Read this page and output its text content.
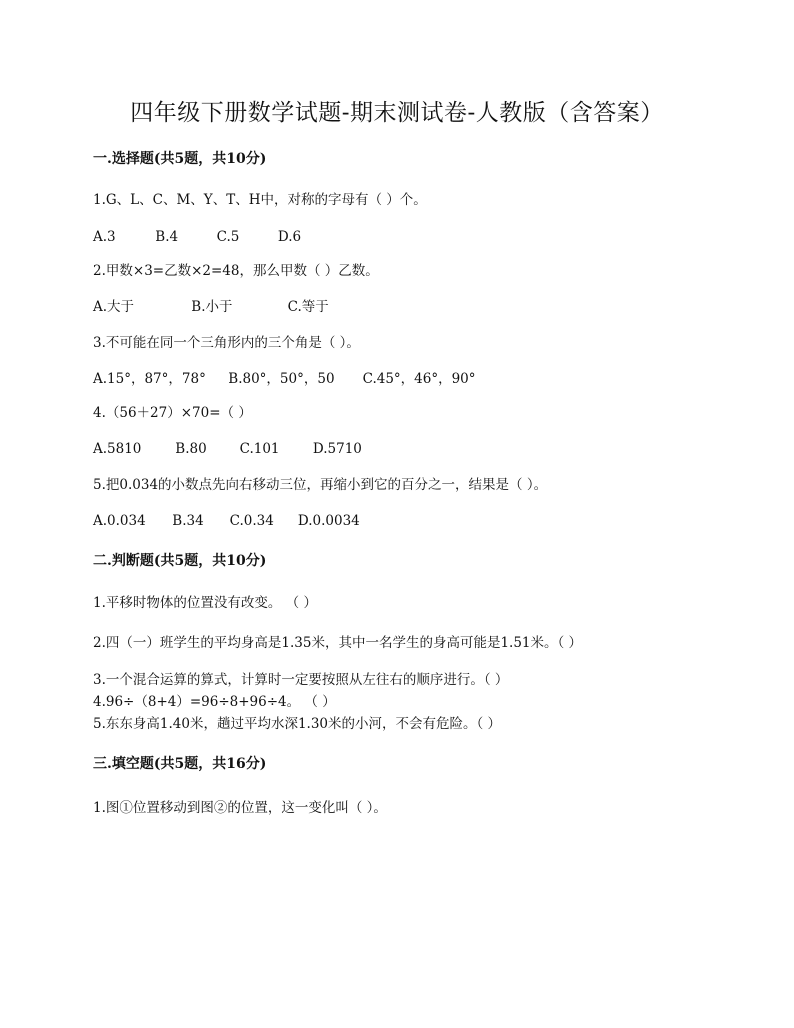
四年级下册数学试题-期末测试卷-人教版（含答案）
一.选择题(共5题，共10分)
1.G、L、C、M、Y、T、H中，对称的字母有（ ）个。
A.3	B.4	C.5	D.6
2.甲数×3=乙数×2=48，那么甲数（ ）乙数。
A.大于	B.小于	C.等于
3.不可能在同一个三角形内的三个角是（ ）。
A.15°，87°，78° B.80°，50°，50 C.45°，46°，90°
4.（56＋27）×70=（ ）
A.5810	B.80 C.101 D.5710
5.把0.034的小数点先向右移动三位，再缩小到它的百分之一，结果是（ ）。
A.0.034 B.34 C.0.34 D.0.0034
二.判断题(共5题，共10分)
1.平移时物体的位置没有改变。 （ ）
2.四（一）班学生的平均身高是1.35米，其中一名学生的身高可能是1.51米。（ ）
3.一个混合运算的算式，计算时一定要按照从左往右的顺序进行。（ ）
4.96÷（8+4）=96÷8+96÷4。 （ ）
5.东东身高1.40米，趟过平均水深1.30米的小河，不会有危险。（ ）
三.填空题(共5题，共16分)
1.图①位置移动到图②的位置，这一变化叫（ ）。
